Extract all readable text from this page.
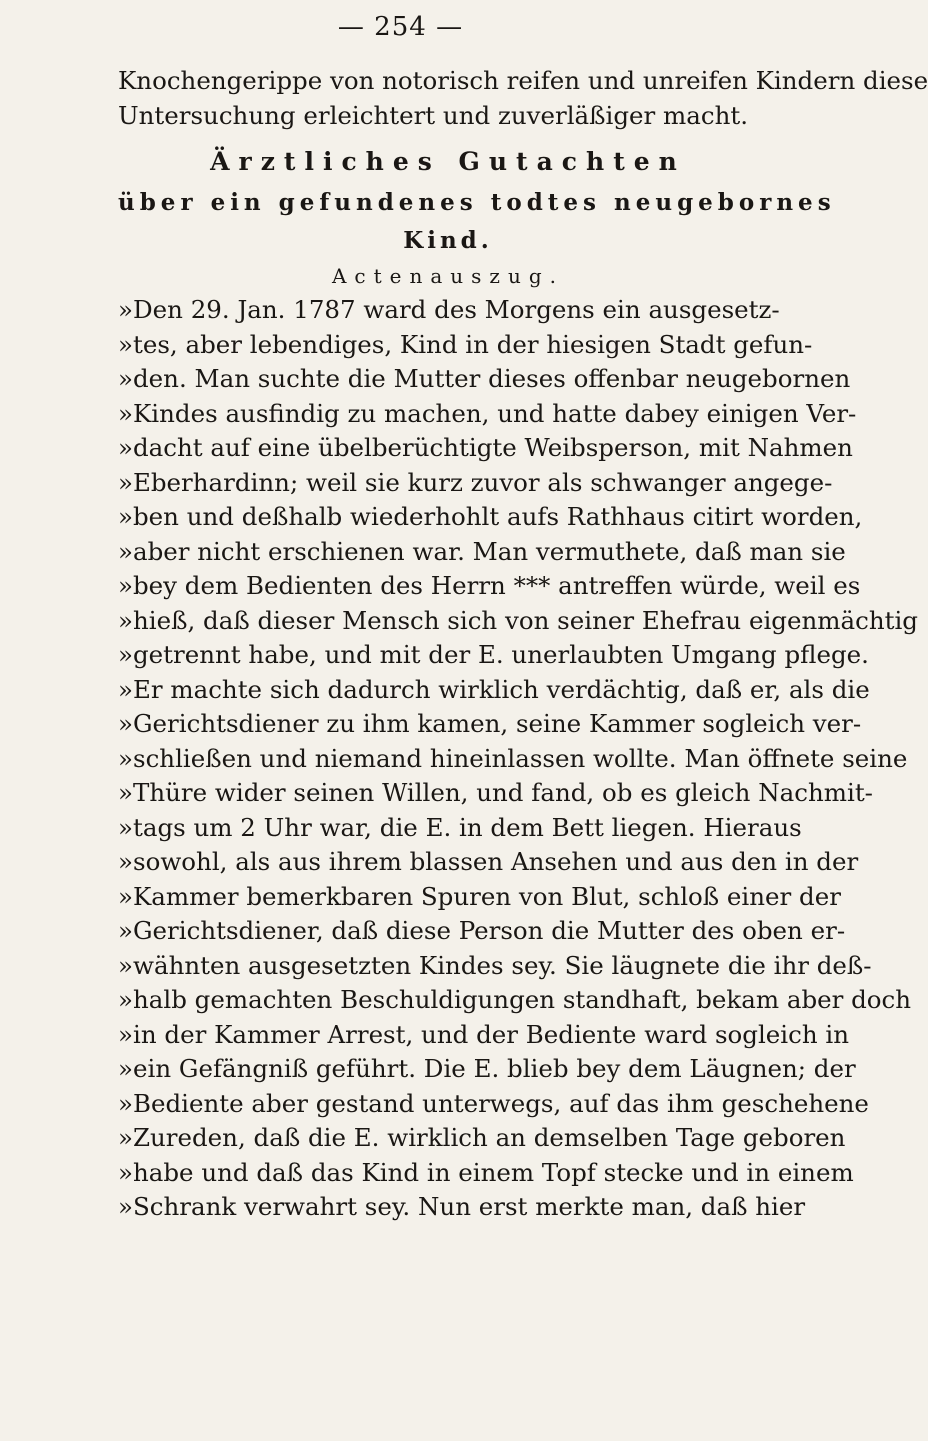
— 254 —
Knochengerippe von notorisch reifen und unreifen Kindern diese
Untersuchung erleichtert und zuverläßiger macht.
Ärztliches Gutachten
über ein gefundenes todtes neugebornes
Kind.
Actenauszug.
»Den 29. Jan. 1787 ward des Morgens ein ausgesetz-
»tes, aber lebendiges, Kind in der hiesigen Stadt gefun-
»den. Man suchte die Mutter dieses offenbar neugebornen
»Kindes ausfindig zu machen, und hatte dabey einigen Ver-
»dacht auf eine übelberüchtigte Weibsperson, mit Nahmen
»Eberhardinn; weil sie kurz zuvor als schwanger angege-
»ben und deßhalb wiederhohlt aufs Rathhaus citirt worden,
»aber nicht erschienen war. Man vermuthete, daß man sie
»bey dem Bedienten des Herrn *** antreffen würde, weil es
»hieß, daß dieser Mensch sich von seiner Ehefrau eigenmächtig
»getrennt habe, und mit der E. unerlaubten Umgang pflege.
»Er machte sich dadurch wirklich verdächtig, daß er, als die
»Gerichtsdiener zu ihm kamen, seine Kammer sogleich ver-
»schließen und niemand hineinlassen wollte. Man öffnete seine
»Thüre wider seinen Willen, und fand, ob es gleich Nachmit-
»tags um 2 Uhr war, die E. in dem Bett liegen. Hieraus
»sowohl, als aus ihrem blassen Ansehen und aus den in der
»Kammer bemerkbaren Spuren von Blut, schloß einer der
»Gerichtsdiener, daß diese Person die Mutter des oben er-
»wähnten ausgesetzten Kindes sey. Sie läugnete die ihr deß-
»halb gemachten Beschuldigungen standhaft, bekam aber doch
»in der Kammer Arrest, und der Bediente ward sogleich in
»ein Gefängniß geführt. Die E. blieb bey dem Läugnen; der
»Bediente aber gestand unterwegs, auf das ihm geschehene
»Zureden, daß die E. wirklich an demselben Tage geboren
»habe und daß das Kind in einem Topf stecke und in einem
»Schrank verwahrt sey. Nun erst merkte man, daß hier
